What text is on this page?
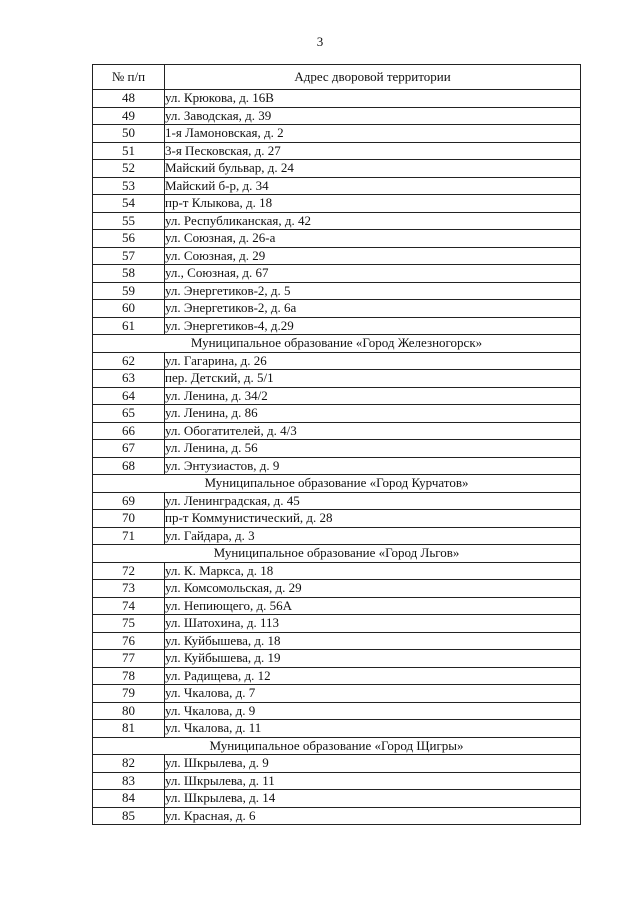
3
№ п/п	Адрес дворовой территории
48	ул. Крюкова, д. 16В
49	ул. Заводская, д. 39
50	1-я Ламоновская, д. 2
51	3-я Песковская, д. 27
52	Майский бульвар, д. 24
53	Майский б-р, д. 34
54	пр-т Клыкова, д. 18
55	ул. Республиканская, д. 42
56	ул. Союзная, д. 26-а
57	ул. Союзная, д. 29
58	ул., Союзная, д. 67
59	ул. Энергетиков-2, д. 5
60	ул. Энергетиков-2, д. 6а
61	ул. Энергетиков-4, д.29
Муниципальное образование «Город Железногорск»	
62	ул. Гагарина, д. 26
63	пер. Детский, д. 5/1
64	ул. Ленина, д. 34/2
65	ул. Ленина, д. 86
66	ул. Обогатителей, д. 4/3
67	ул. Ленина, д. 56
68	ул. Энтузиастов, д. 9
Муниципальное образование «Город Курчатов»	
69	ул. Ленинградская, д. 45
70	пр-т Коммунистический, д. 28
71	ул. Гайдара, д. 3
Муниципальное образование «Город Льгов»	
72	ул. К. Маркса, д. 18
73	ул. Комсомольская, д. 29
74	ул. Непиющего, д. 56А
75	ул. Шатохина, д. 113
76	ул. Куйбышева, д. 18
77	ул. Куйбышева, д. 19
78	ул. Радищева, д. 12
79	ул. Чкалова, д. 7
80	ул. Чкалова, д. 9
81	ул. Чкалова, д. 11
Муниципальное образование «Город Щигры»	
82	ул. Шкрылева, д. 9
83	ул. Шкрылева, д. 11
84	ул. Шкрылева, д. 14
85	ул. Красная, д. 6
